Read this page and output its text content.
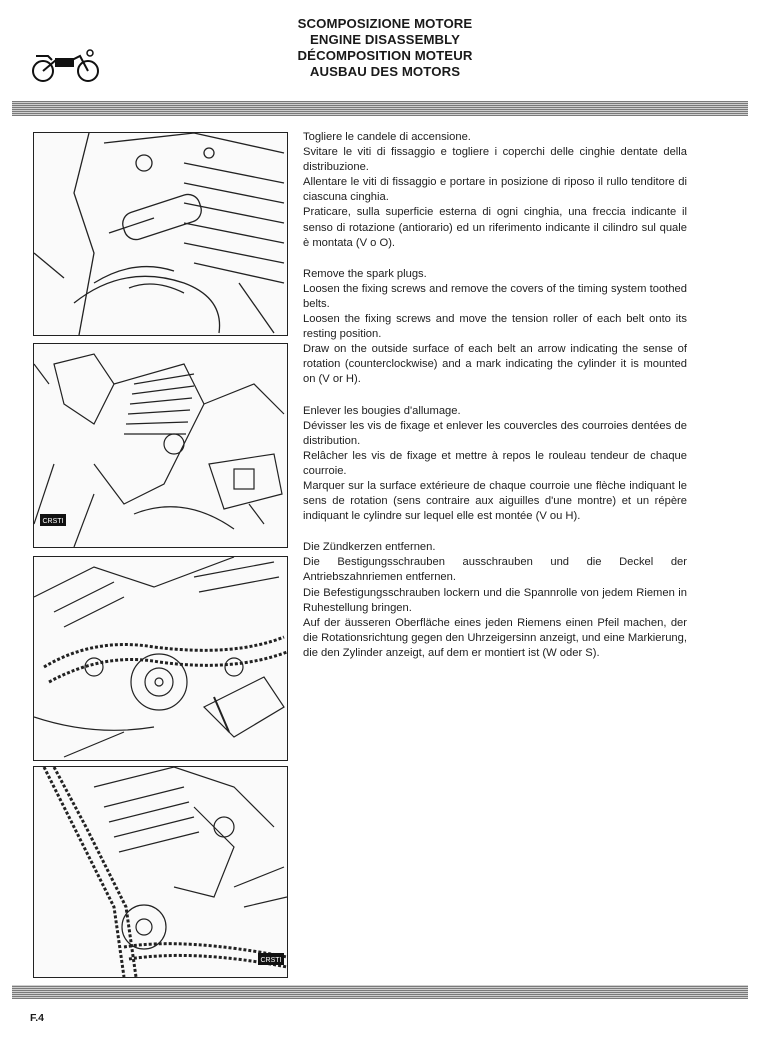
SCOMPOSIZIONE MOTORE
ENGINE DISASSEMBLY
DÉCOMPOSITION MOTEUR
AUSBAU DES MOTORS
CRSTI
CRSTI

Togliere le candele di accensione.

Svitare le viti di fissaggio e togliere i coperchi delle cinghie dentate della distribuzione.

Allentare le viti di fissaggio e portare in posizione di riposo il rullo tenditore di ciascuna cinghia.

Praticare, sulla superficie esterna di ogni cinghia, una freccia indicante il senso di rotazione (antiorario) ed un riferimento indicante il cilindro sul quale è montata (V o O).

Remove the spark plugs.

Loosen the fixing screws and remove the covers of the timing system toothed belts.

Loosen the fixing screws and move the tension roller of each belt onto its resting position.

Draw on the outside surface of each belt an arrow indicating the sense of rotation (counterclockwise) and a mark indicating the cylinder it is mounted on (V or H).

Enlever les bougies d'allumage.

Dévisser les vis de fixage et enlever les couvercles des courroies dentées de distribution.

Relâcher les vis de fixage et mettre à repos le rouleau tendeur de chaque courroie.

Marquer sur la surface extérieure de chaque courroie une flèche indiquant le sens de rotation (sens contraire aux aiguilles d'une montre) et un répère indiquant le cylindre sur lequel elle est montée (V ou H).

Die Zündkerzen entfernen.

Die Bestigungsschrauben ausschrauben und die Deckel der Antriebszahnriemen entfernen.

Die Befestigungsschrauben lockern und die Spannrolle von jedem Riemen in Ruhestellung bringen.

Auf der äusseren Oberfläche eines jeden Riemens einen Pfeil machen, der die Rotationsrichtung gegen den Uhrzeigersinn anzeigt, und eine Markierung, die den Zylinder anzeigt, auf dem er montiert ist (W oder S).

F.4
